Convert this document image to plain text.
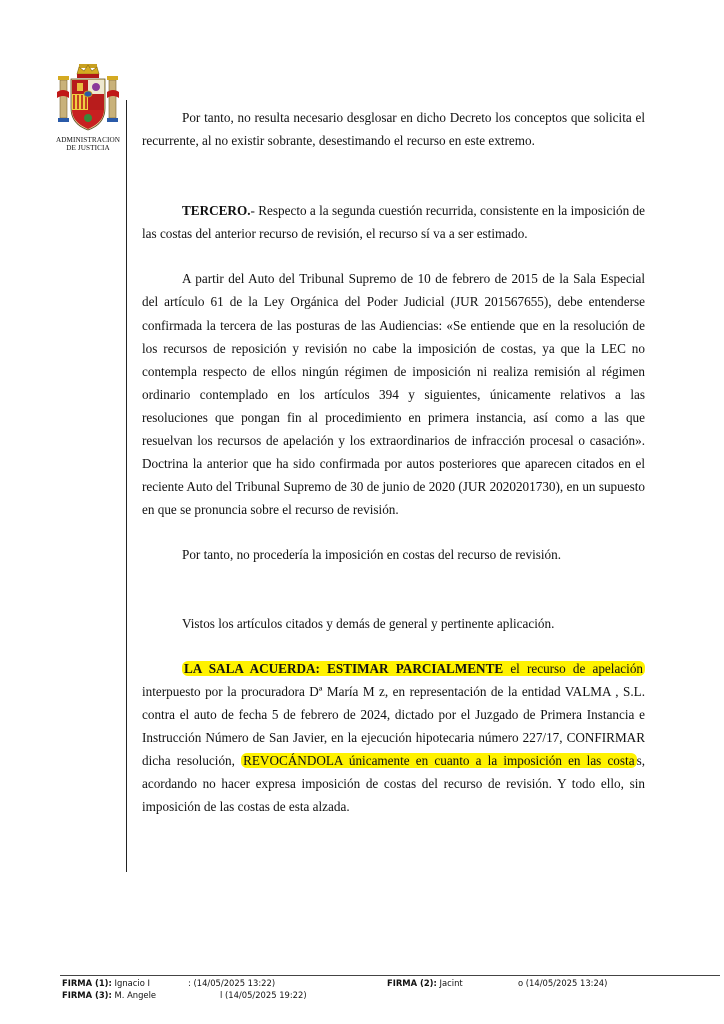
ADMINISTRACION
DE JUSTICIA

Por tanto, no resulta necesario desglosar en dicho Decreto los conceptos que solicita el recurrente, al no existir sobrante, desestimando el recurso en este extremo.

TERCERO.- Respecto a la segunda cuestión recurrida, consistente en la imposición de las costas del anterior recurso de revisión, el recurso sí va a ser estimado.

A partir del Auto del Tribunal Supremo de 10 de febrero de 2015 de la Sala Especial del artículo 61 de la Ley Orgánica del Poder Judicial (JUR 201567655), debe entenderse confirmada la tercera de las posturas de las Audiencias: «Se entiende que en la resolución de los recursos de reposición y revisión no cabe la imposición de costas, ya que la LEC no contempla respecto de ellos ningún régimen de imposición ni realiza remisión al régimen ordinario contemplado en los artículos 394 y siguientes, únicamente relativos a las resoluciones que pongan fin al procedimiento en primera instancia, así como a las que resuelvan los recursos de apelación y los extraordinarios de infracción procesal o casación». Doctrina la anterior que ha sido confirmada por autos posteriores que aparecen citados en el reciente Auto del Tribunal Supremo de 30 de junio de 2020 (JUR 2020201730), en un supuesto en que se pronuncia sobre el recurso de revisión.

Por tanto, no procedería la imposición en costas del recurso de revisión.

Vistos los artículos citados y demás de general y pertinente aplicación.

LA SALA ACUERDA: ESTIMAR PARCIALMENTE el recurso de apelación interpuesto por la procuradora Dª María M z, en representación de la entidad VALMA , S.L. contra el auto de fecha 5 de febrero de 2024, dictado por el Juzgado de Primera Instancia e Instrucción Número de San Javier, en la ejecución hipotecaria número 227/17, CONFIRMAR dicha resolución, REVOCÁNDOLA únicamente en cuanto a la imposición en las costa s, acordando no hacer expresa imposición de costas del recurso de revisión. Y todo ello, sin imposición de las costas de esta alzada.

FIRMA (1): Ignacio I	: (14/05/2025 13:22)	FIRMA (2): Jacint	o (14/05/2025 13:24)
FIRMA (3): M. Angele	l (14/05/2025 19:22)
